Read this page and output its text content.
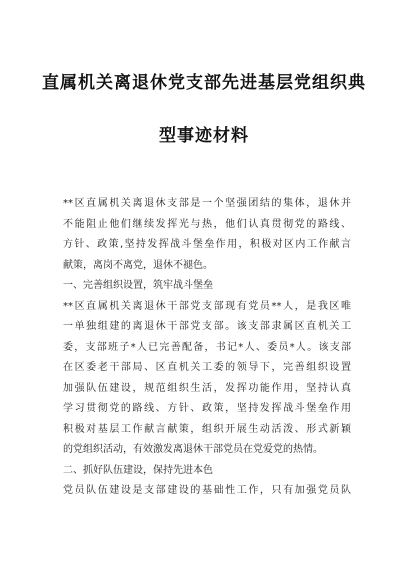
直属机关离退休党支部先进基层党组织典
型事迹材料
**区直属机关离退休支部是一个坚强团结的集体，退休并
不能阻止他们继续发挥光与热，他们认真贯彻党的路线、
方针、政策,坚持发挥战斗堡垒作用，积极对区内工作献言
献策，离岗不离党，退休不褪色。
一、完善组织设置，筑牢战斗堡垒
**区直属机关离退休干部党支部现有党员**人，是我区唯
一单独组建的离退休干部党支部。该支部隶属区直机关工
委，支部班子*人已完善配备，书记*人、委员*人。该支部
在区委老干部局、区直机关工委的领导下，完善组织设置
加强队伍建设，规范组织生活，发挥功能作用，坚持认真
学习贯彻党的路线、方针、政策，坚持发挥战斗堡垒作用
积极对基层工作献言献策，组织开展生动活泼、形式新颖
的党组织活动，有效激发离退休干部党员在党爱党的热情。
二、抓好队伍建设，保持先进本色
党员队伍建设是支部建设的基础性工作，只有加强党员队
